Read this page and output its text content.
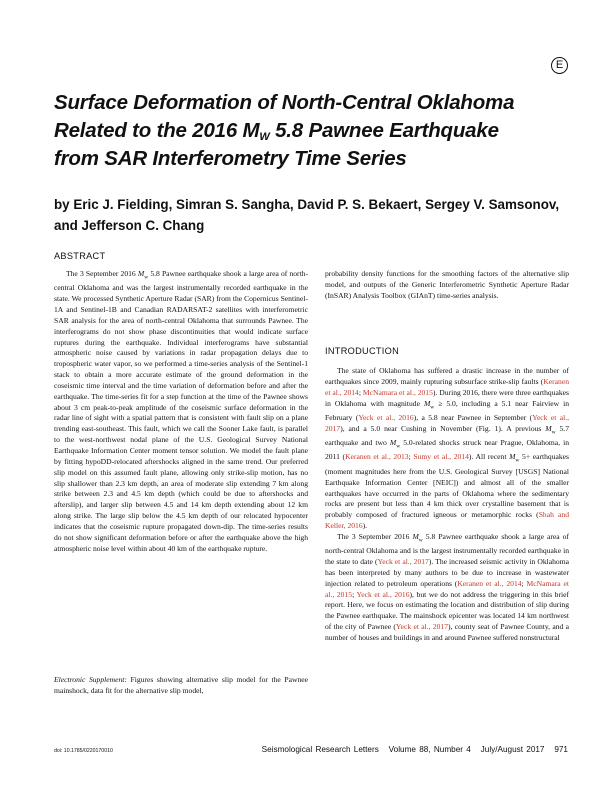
E
Surface Deformation of North-Central Oklahoma
Related to the 2016 $M_W$ 5.8 Pawnee Earthquake
from SAR Interferometry Time Series

by Eric J. Fielding, Simran S. Sangha, David P. S. Bekaert, Sergey V. Samsonov, and Jefferson C. Chang

ABSTRACT

The 3 September 2016 $M_w$ 5.8 Pawnee earthquake shook a large area of north-central Oklahoma and was the largest instrumentally recorded earthquake in the state. We processed Synthetic Aperture Radar (SAR) from the Copernicus Sentinel-1A and Sentinel-1B and Canadian RADARSAT-2 satellites with interferometric SAR analysis for the area of north-central Oklahoma that surrounds Pawnee. The interferograms do not show phase discontinuities that would indicate surface ruptures during the earthquake. Individual interferograms have substantial atmospheric noise caused by variations in radar propagation delays due to tropospheric water vapor, so we performed a time-series analysis of the Sentinel-1 stack to obtain a more accurate estimate of the ground deformation in the coseismic time interval and the time variation of deformation before and after the earthquake. The time-series fit for a step function at the time of the Pawnee shows about 3 cm peak-to-peak amplitude of the coseismic surface deformation in the radar line of sight with a spatial pattern that is consistent with fault slip on a plane trending east-southeast. This fault, which we call the Sooner Lake fault, is parallel to the west-northwest nodal plane of the U.S. Geological Survey National Earthquake Information Center moment tensor solution. We model the fault plane by fitting hypoDD-relocated aftershocks aligned in the same trend. Our preferred slip model on this assumed fault plane, allowing only strike-slip motion, has no slip shallower than 2.3 km depth, an area of moderate slip extending 7 km along strike between 2.3 and 4.5 km depth (which could be due to aftershocks and afterslip), and larger slip between 4.5 and 14 km depth extending about 12 km along strike. The large slip below the 4.5 km depth of our relocated hypocenter indicates that the coseismic rupture propagated down-dip. The time-series results do not show significant deformation before or after the earthquake above the high atmospheric noise level within about 40 km of the earthquake rupture.

Electronic Supplement: Figures showing alternative slip model for the Pawnee mainshock, data fit for the alternative slip model,

probability density functions for the smoothing factors of the alternative slip model, and outputs of the Generic Interferometric Synthetic Aperture Radar (InSAR) Analysis Toolbox (GIAnT) time-series analysis.

INTRODUCTION

The state of Oklahoma has suffered a drastic increase in the number of earthquakes since 2009, mainly rupturing subsurface strike-slip faults (Keranen et al., 2014; McNamara et al., 2015). During 2016, there were three earthquakes in Oklahoma with magnitude $M_w \ge 5.0$, including a 5.1 near Fairview in February (Yeck et al., 2016), a 5.8 near Pawnee in September (Yeck et al., 2017), and a 5.0 near Cushing in November (Fig. 1). A previous $M_w$ 5.7 earthquake and two $M_w$ 5.0-related shocks struck near Prague, Oklahoma, in 2011 (Keranen et al., 2013; Sumy et al., 2014). All recent $M_w$ 5+ earthquakes (moment magnitudes here from the U.S. Geological Survey [USGS] National Earthquake Information Center [NEIC]) and almost all of the smaller earthquakes have occurred in the parts of Oklahoma where the sedimentary rocks are present but less than 4 km thick over crystalline basement that is probably composed of fractured igneous or metamorphic rocks (Shah and Keller, 2016).

The 3 September 2016 $M_w$ 5.8 Pawnee earthquake shook a large area of north-central Oklahoma and is the largest instrumentally recorded earthquake in the state to date (Yeck et al., 2017). The increased seismic activity in Oklahoma has been interpreted by many authors to be due to increase in wastewater injection related to petroleum operations (Keranen et al., 2014; McNamara et al., 2015; Yeck et al., 2016), but we do not address the triggering in this brief report. Here, we focus on estimating the location and distribution of slip during the Pawnee earthquake. The mainshock epicenter was located 14 km northwest of the city of Pawnee (Yeck et al., 2017), county seat of Pawnee County, and a number of houses and buildings in and around Pawnee suffered nonstructural

doi: 10.1785/0220170010	Seismological Research Letters Volume 88, Number 4 July/August 2017 971
